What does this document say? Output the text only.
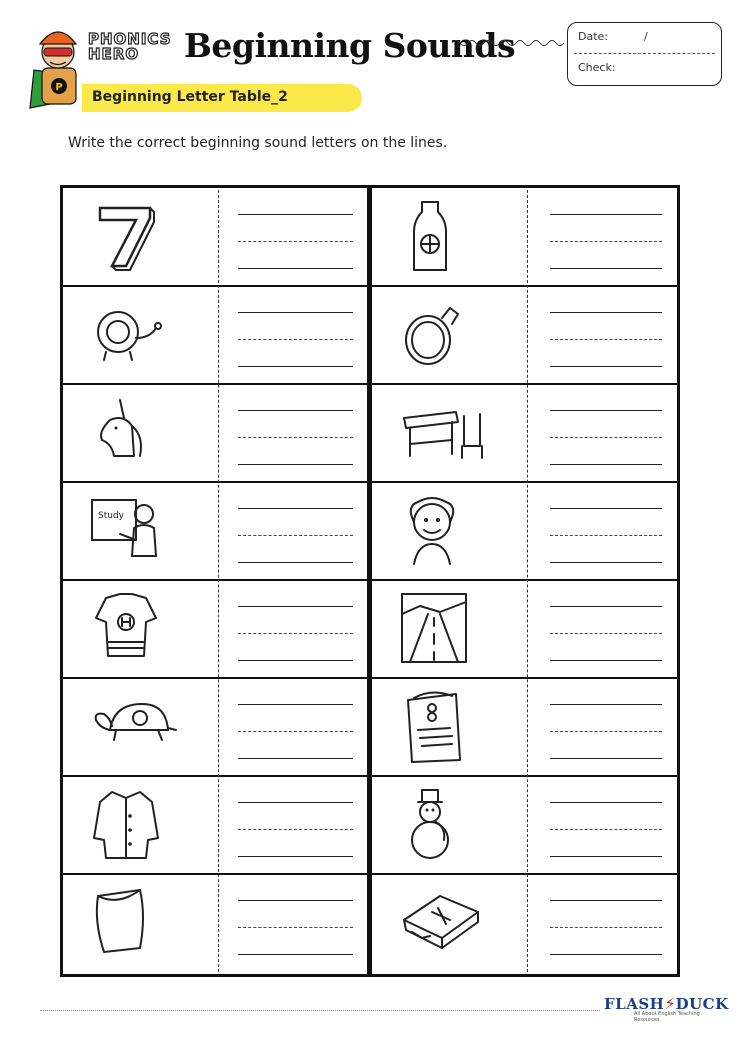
P
PHONICS
HERO	Beginning Sounds	Date:	/
Check:
Beginning Letter Table_2
Write the correct beginning sound letters on the lines.
Study
FLASH⚡DUCK
All About English Teaching Resources
